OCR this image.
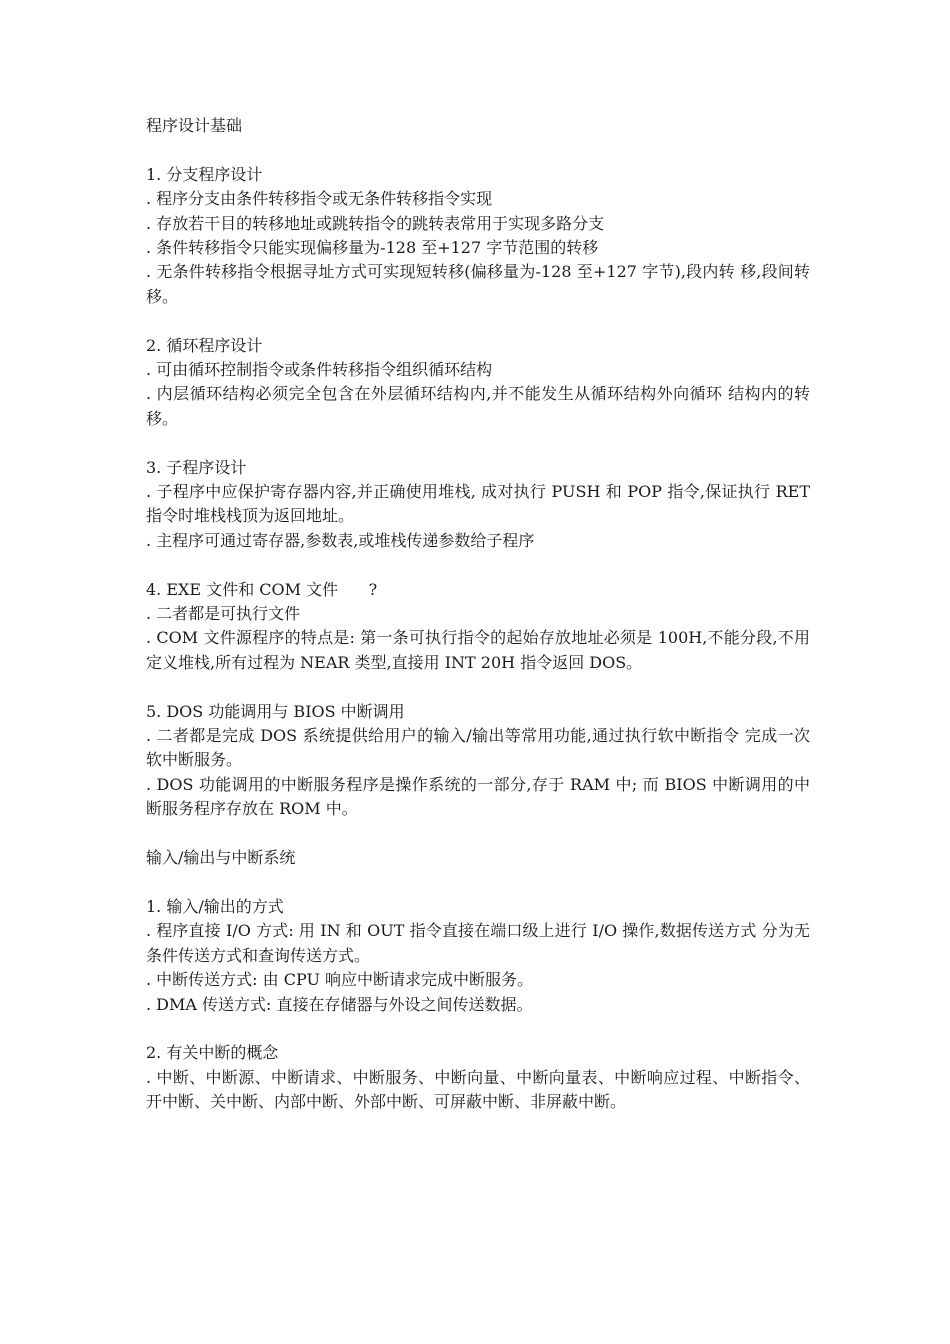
程序设计基础

1. 分支程序设计

. 程序分支由条件转移指令或无条件转移指令实现

. 存放若干目的转移地址或跳转指令的跳转表常用于实现多路分支

. 条件转移指令只能实现偏移量为-128 至+127 字节范围的转移

. 无条件转移指令根据寻址方式可实现短转移(偏移量为-128 至+127 字节),段内转 移,段间转移。

2. 循环程序设计

. 可由循环控制指令或条件转移指令组织循环结构

. 内层循环结构必须完全包含在外层循环结构内,并不能发生从循环结构外向循环 结构内的转移。

3. 子程序设计

. 子程序中应保护寄存器内容,并正确使用堆栈, 成对执行 PUSH 和 POP 指令,保证执行 RET 指令时堆栈栈顶为返回地址。

. 主程序可通过寄存器,参数表,或堆栈传递参数给子程序

4. EXE 文件和 COM 文件      ?

. 二者都是可执行文件

. COM 文件源程序的特点是: 第一条可执行指令的起始存放地址必须是 100H,不能分段,不用定义堆栈,所有过程为 NEAR 类型,直接用 INT 20H 指令返回 DOS。

5. DOS 功能调用与 BIOS 中断调用

. 二者都是完成 DOS 系统提供给用户的输入/输出等常用功能,通过执行软中断指令 完成一次软中断服务。

. DOS 功能调用的中断服务程序是操作系统的一部分,存于 RAM 中; 而 BIOS 中断调用的中断服务程序存放在 ROM 中。

输入/输出与中断系统

1. 输入/输出的方式

. 程序直接 I/O 方式: 用 IN 和 OUT 指令直接在端口级上进行 I/O 操作,数据传送方式 分为无条件传送方式和查询传送方式。

. 中断传送方式: 由 CPU 响应中断请求完成中断服务。

. DMA 传送方式: 直接在存储器与外设之间传送数据。

2. 有关中断的概念

. 中断、中断源、中断请求、中断服务、中断向量、中断向量表、中断响应过程、中断指令、开中断、关中断、内部中断、外部中断、可屏蔽中断、非屏蔽中断。
